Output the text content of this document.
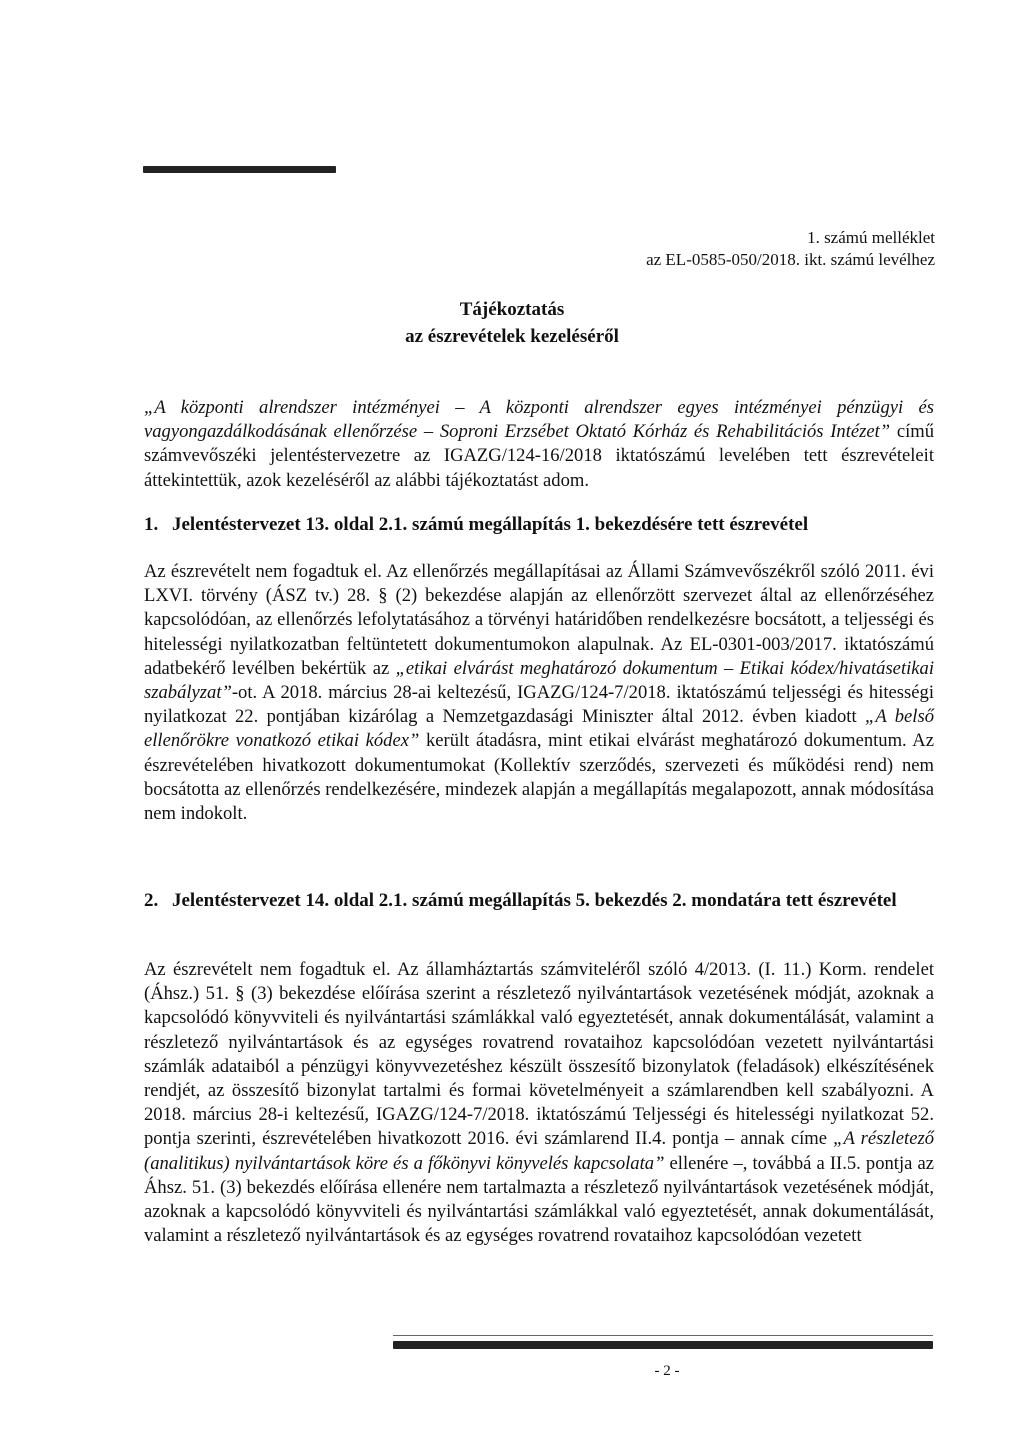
1. számú melléklet
az EL-0585-050/2018. ikt. számú levélhez
Tájékoztatás
az észrevételek kezeléséről

„A központi alrendszer intézményei – A központi alrendszer egyes intézményei pénzügyi és vagyongazdálkodásának ellenőrzése – Soproni Erzsébet Oktató Kórház és Rehabilitációs Intézet” című számvevőszéki jelentéstervezetre az IGAZG/124-16/2018 iktatószámú levelében tett észrevételeit áttekintettük, azok kezeléséről az alábbi tájékoztatást adom.

1. Jelentéstervezet 13. oldal 2.1. számú megállapítás 1. bekezdésére tett észrevétel

Az észrevételt nem fogadtuk el. Az ellenőrzés megállapításai az Állami Számvevőszékről szóló 2011. évi LXVI. törvény (ÁSZ tv.) 28. § (2) bekezdése alapján az ellenőrzött szervezet által az ellenőrzéséhez kapcsolódóan, az ellenőrzés lefolytatásához a törvényi határidőben rendelkezésre bocsátott, a teljességi és hitelességi nyilatkozatban feltüntetett dokumentumokon alapulnak. Az EL-0301-003/2017. iktatószámú adatbekérő levélben bekértük az „etikai elvárást meghatározó dokumentum – Etikai kódex/hivatásetikai szabályzat”-ot. A 2018. március 28-ai keltezésű, IGAZG/124-7/2018. iktatószámú teljességi és hitességi nyilatkozat 22. pontjában kizárólag a Nemzetgazdasági Miniszter által 2012. évben kiadott „A belső ellenőrökre vonatkozó etikai kódex” került átadásra, mint etikai elvárást meghatározó dokumentum. Az észrevételében hivatkozott dokumentumokat (Kollektív szerződés, szervezeti és működési rend) nem bocsátotta az ellenőrzés rendelkezésére, mindezek alapján a megállapítás megalapozott, annak módosítása nem indokolt.

2. Jelentéstervezet 14. oldal 2.1. számú megállapítás 5. bekezdés 2. mondatára tett észrevétel

Az észrevételt nem fogadtuk el. Az államháztartás számviteléről szóló 4/2013. (I. 11.) Korm. rendelet (Áhsz.) 51. § (3) bekezdése előírása szerint a részletező nyilvántartások vezetésének módját, azoknak a kapcsolódó könyvviteli és nyilvántartási számlákkal való egyeztetését, annak dokumentálását, valamint a részletező nyilvántartások és az egységes rovatrend rovataihoz kapcsolódóan vezetett nyilvántartási számlák adataiból a pénzügyi könyvvezetéshez készült összesítő bizonylatok (feladások) elkészítésének rendjét, az összesítő bizonylat tartalmi és formai követelményeit a számlarendben kell szabályozni. A 2018. március 28-i keltezésű, IGAZG/124-7/2018. iktatószámú Teljességi és hitelességi nyilatkozat 52. pontja szerinti, észrevételében hivatkozott 2016. évi számlarend II.4. pontja – annak címe „A részletező (analitikus) nyilvántartások köre és a főkönyvi könyvelés kapcsolata” ellenére –, továbbá a II.5. pontja az Áhsz. 51. (3) bekezdés előírása ellenére nem tartalmazta a részletező nyilvántartások vezetésének módját, azoknak a kapcsolódó könyvviteli és nyilvántartási számlákkal való egyeztetését, annak dokumentálását, valamint a részletező nyilvántartások és az egységes rovatrend rovataihoz kapcsolódóan vezetett

- 2 -
